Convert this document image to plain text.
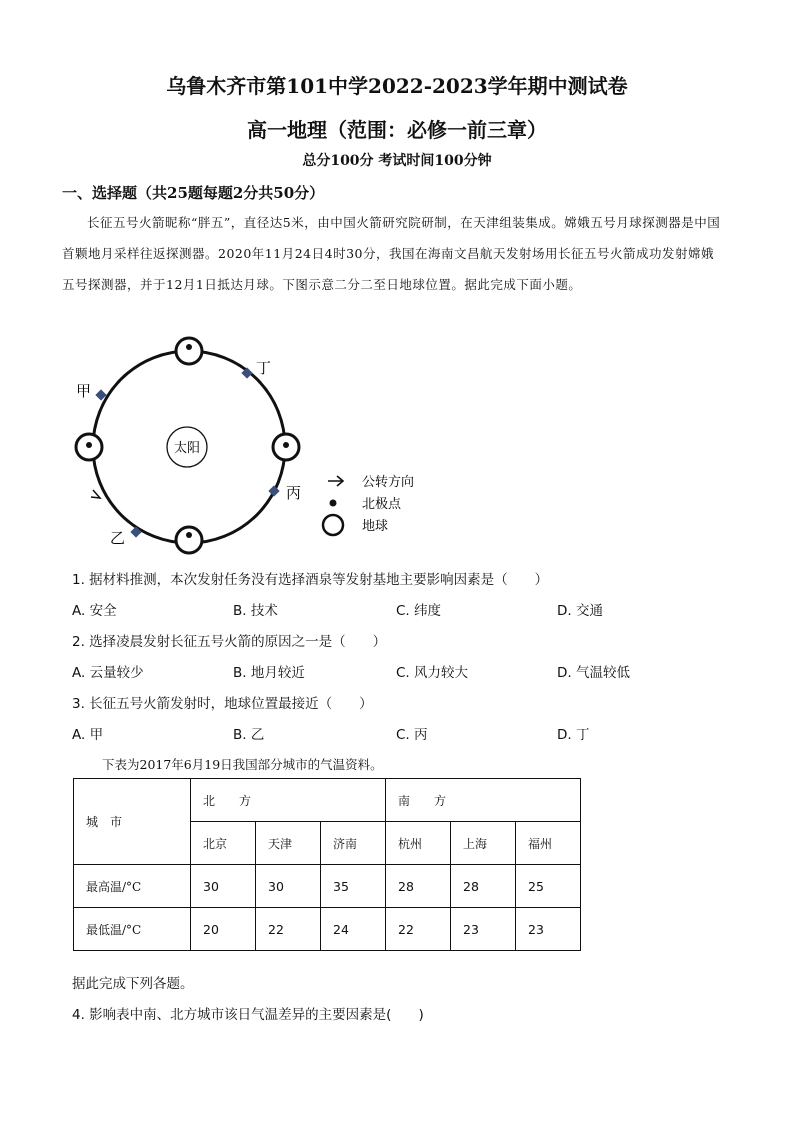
乌鲁木齐市第101中学2022-2023学年期中测试卷
高一地理（范围：必修一前三章）
总分100分 考试时间100分钟
一、选择题（共25题每题2分共50分）
长征五号火箭昵称“胖五”，直径达5米，由中国火箭研究院研制，在天津组装集成。嫦娥五号月球探测器是中国首颗地月采样往返探测器。2020年11月24日4时30分，我国在海南文昌航天发射场用长征五号火箭成功发射嫦娥五号探测器，并于12月1日抵达月球。下图示意二分二至日地球位置。据此完成下面小题。
太阳
甲
丁
丙
乙
公转方向
北极点
地球
1. 据材料推测，本次发射任务没有选择酒泉等发射基地主要影响因素是（　　）
A. 安全	B. 技术	C. 纬度	D. 交通
2. 选择凌晨发射长征五号火箭的原因之一是（　　）
A. 云量较少	B. 地月较近	C. 风力较大	D. 气温较低
3. 长征五号火箭发射时，地球位置最接近（　　）
A. 甲	B. 乙	C. 丙	D. 丁
下表为2017年6月19日我国部分城市的气温资料。
城　市	北　　方			南　　方		
	北京	天津	济南	杭州	上海	福州
最高温/°C	30	30	35	28	28	25
最低温/°C	20	22	24	22	23	23
据此完成下列各题。
4. 影响表中南、北方城市该日气温差异的主要因素是(　　)
